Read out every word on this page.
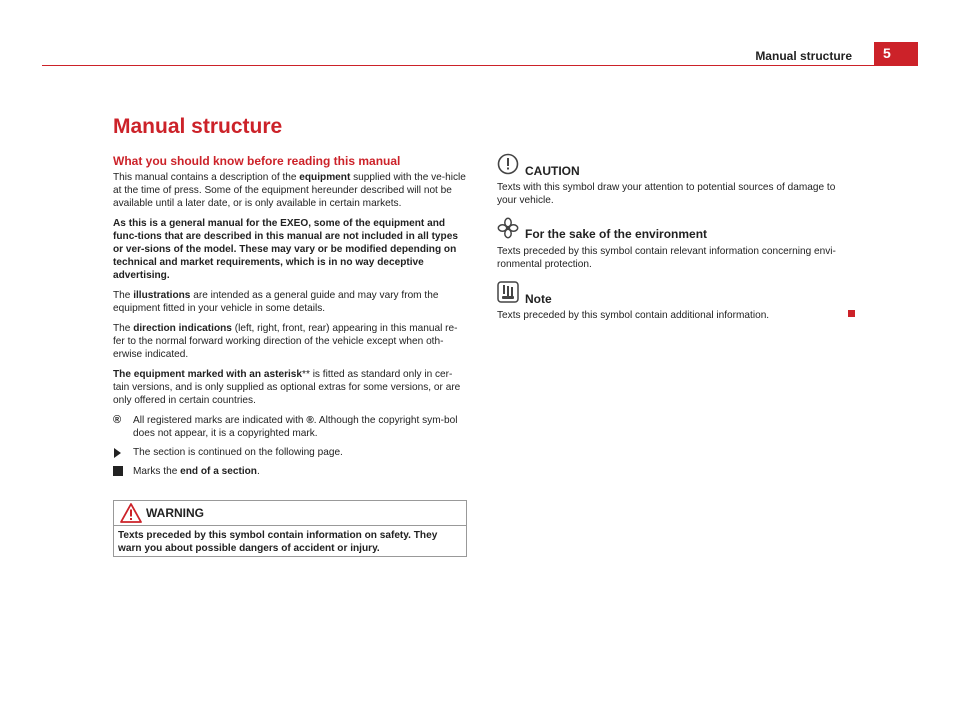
Manual structure 5
Manual structure
What you should know before reading this manual

This manual contains a description of the equipment supplied with the ve-hicle at the time of press. Some of the equipment hereunder described will not be available until a later date, or is only available in certain markets.

As this is a general manual for the EXEO, some of the equipment and func-tions that are described in this manual are not included in all types or ver-sions of the model. These may vary or be modified depending on technical and market requirements, which is in no way deceptive advertising.

The illustrations are intended as a general guide and may vary from the equipment fitted in your vehicle in some details.

The direction indications (left, right, front, rear) appearing in this manual re-fer to the normal forward working direction of the vehicle except when oth-erwise indicated.

The equipment marked with an asterisk** is fitted as standard only in cer-tain versions, and is only supplied as optional extras for some versions, or are only offered in certain countries.

®	All registered marks are indicated with ®. Although the copyright sym-bol does not appear, it is a copyrighted mark.
The section is continued on the following page.
Marks the end of a section.
WARNING
Texts preceded by this symbol contain information on safety. They warn you about possible dangers of accident or injury.
CAUTION
Texts with this symbol draw your attention to potential sources of damage to your vehicle.
For the sake of the environment
Texts preceded by this symbol contain relevant information concerning envi-ronmental protection.
Note
Texts preceded by this symbol contain additional information.
